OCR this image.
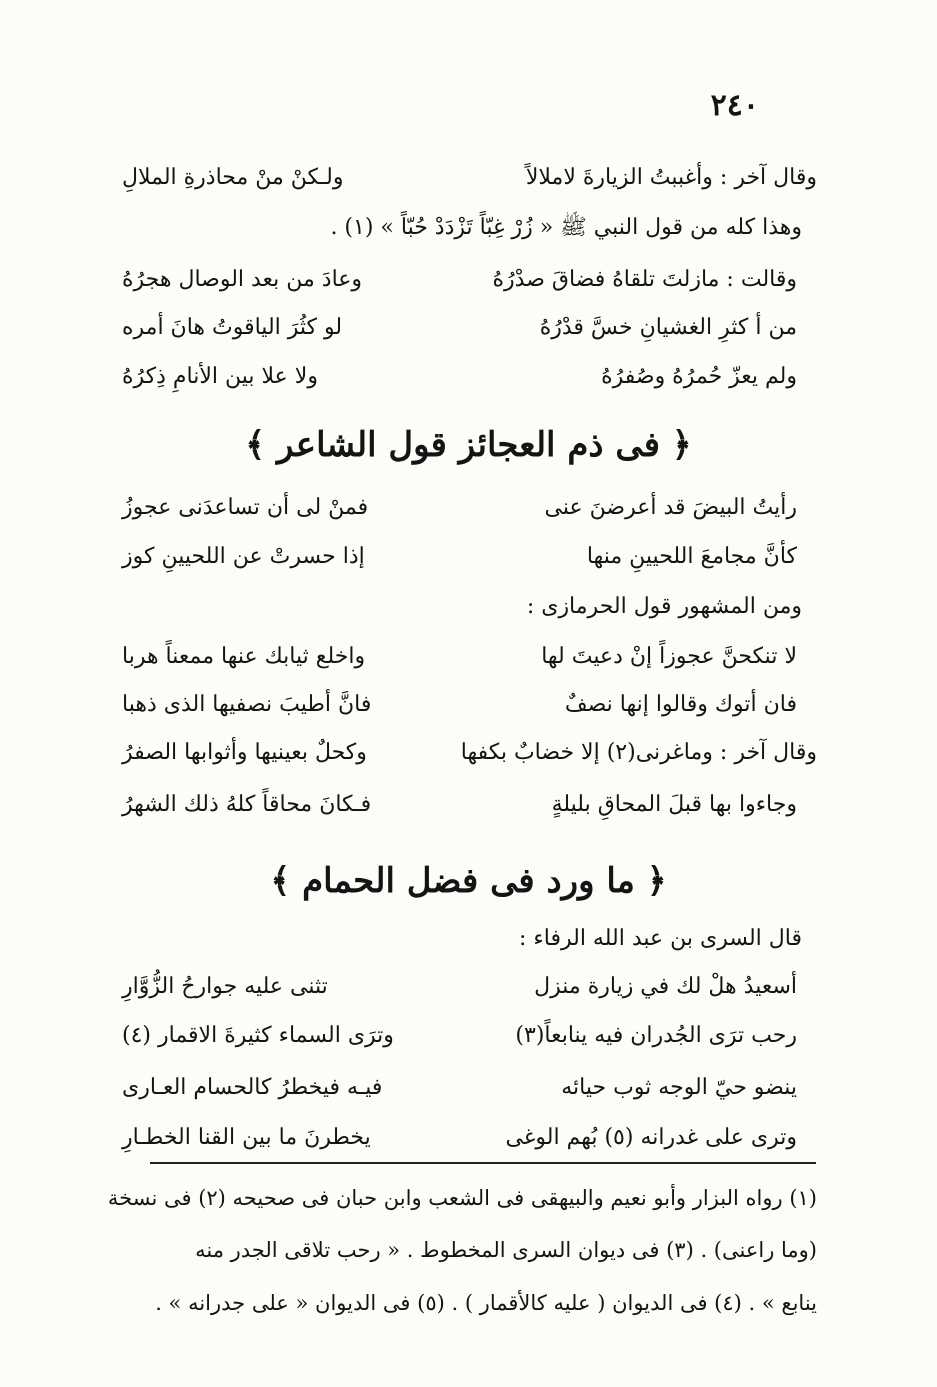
٢٤٠
وقال آخر : وأغببتُ الزيارةَ لاملالاً
ولـكنْ منْ محاذرةِ الملالِ
وهذا كله من قول النبي ﷺ « زُرْ غِبّاً تَزْدَدْ حُبّاً » (١) .
وقالت : مازلتَ تلقاهُ فضاقَ صدْرُهُ
وعادَ من بعد الوصال هجرُهُ
من أ كثرِ الغشيانِ خسَّ قدْرُهُ
لو كثُرَ الياقوتُ هانَ أمره
ولم يعزّ حُمرُهُ وصُفرُهُ
ولا علا بين الأنامِ ذِكرُهُ
﴿ فى ذم العجائز قول الشاعر ﴾
رأيتُ البيضَ قد أعرضنَ عنى
فمنْ لى أن تساعدَنى عجوزُ
كأنَّ مجامعَ اللحيينِ منها
إذا حسرتْ عن اللحيينِ كوز
ومن المشهور قول الحرمازى :
لا تنكحنَّ عجوزاً إنْ دعيتَ لها
واخلع ثيابك عنها ممعناً هربا
فان أتوك وقالوا إنها نصفٌ
فانَّ أطيبَ نصفيها الذى ذهبا
وقال آخر : وماغرنى(٢) إلا خضابٌ بكفها
وكحلٌ بعينيها وأثوابها الصفرُ
وجاءوا بها قبلَ المحاقِ بليلةٍ
فـكانَ محاقاً كلهُ ذلك الشهرُ
﴿ ما ورد فى فضل الحمام ﴾
قال السرى بن عبد الله الرفاء :
أسعيدُ هلْ لك في زيارة منزل
تثنى عليه جوارحُ الزُّوَّارِ
رحب ترَى الجُدران فيه ينابعاً(٣)
وترَى السماء كثيرةَ الاقمار (٤)
ينضو حيّ الوجه ثوب حيائه
فيـه فيخطرُ كالحسام العـارى
وترى على غدرانه (٥) بُهم الوغى
يخطرنَ ما بين القنا الخطـارِ
(١) رواه البزار وأبو نعيم والبيهقى فى الشعب وابن حبان فى صحيحه (٢) فى نسخة
(وما راعنى) . (٣) فى ديوان السرى المخطوط . « رحب تلاقى الجدر منه
ينابع » . (٤) فى الديوان ( عليه كالأقمار ) . (٥) فى الديوان « على جدرانه » .
